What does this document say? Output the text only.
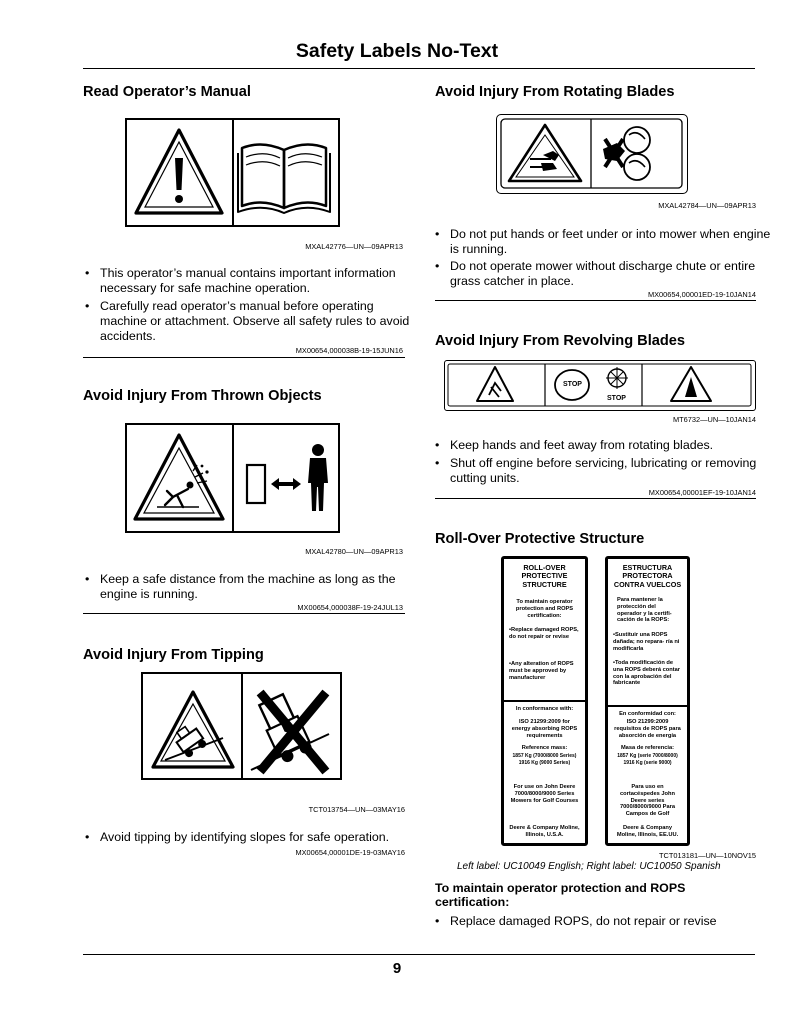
Safety Labels No-Text
Read Operator’s Manual
MXAL42776—UN—09APR13
• This operator’s manual contains important information necessary for safe machine operation.
• Carefully read operator’s manual before operating machine or attachment. Observe all safety rules to avoid accidents.
MX00654,000038B-19-15JUN16
Avoid Injury From Thrown Objects
MXAL42780—UN—09APR13
• Keep a safe distance from the machine as long as the engine is running.
MX00654,000038F-19-24JUL13
Avoid Injury From Tipping
TCT013754—UN—03MAY16
• Avoid tipping by identifying slopes for safe operation.
MX00654,00001DE-19-03MAY16
Avoid Injury From Rotating Blades
MXAL42784—UN—09APR13
• Do not put hands or feet under or into mower when engine is running.
• Do not operate mower without discharge chute or entire grass catcher in place.
MX00654,00001ED-19-10JAN14
Avoid Injury From Revolving Blades
STOP
STOP
MT6732—UN—10JAN14
• Keep hands and feet away from rotating blades.
• Shut off engine before servicing, lubricating or removing cutting units.
MX00654,00001EF-19-10JAN14
Roll-Over Protective Structure
ROLL-OVER PROTECTIVE STRUCTURE
To maintain operator protection and ROPS certification:
•Replace damaged ROPS, do not repair or revise
•Any alteration of ROPS must be approved by manufacturer
In conformance with:
ISO 21299:2009 for energy absorbing ROPS requirements
Reference mass:
1857 Kg (7000/8000 Series) 1916 Kg (9000 Series)
For use on John Deere 7000/8000/9000 Series Mowers for Golf Courses
Deere & Company Moline, Illinois, U.S.A.
ESTRUCTURA PROTECTORA CONTRA VUELCOS
Para mantener la protección del operador y la certifi- cación de la ROPS:
•Sustituir una ROPS dañada; no repara- ría ni modificarla
•Toda modificación de una ROPS deberá contar con la aprobación del fabricante
En conformidad con:
ISO 21299:2009 requisitos de ROPS para absorción de energía
Masa de referencia:
1857 Kg (serie 7000/8000) 1916 Kg (serie 9000)
Para uso en cortacéspedes John Deere series 7000/8000/9000 Para Campos de Golf
Deere & Company Moline, Illinois, EE.UU.
TCT013181—UN—10NOV15
Left label: UC10049 English; Right label: UC10050 Spanish
To maintain operator protection and ROPS certification:
• Replace damaged ROPS, do not repair or revise
9
